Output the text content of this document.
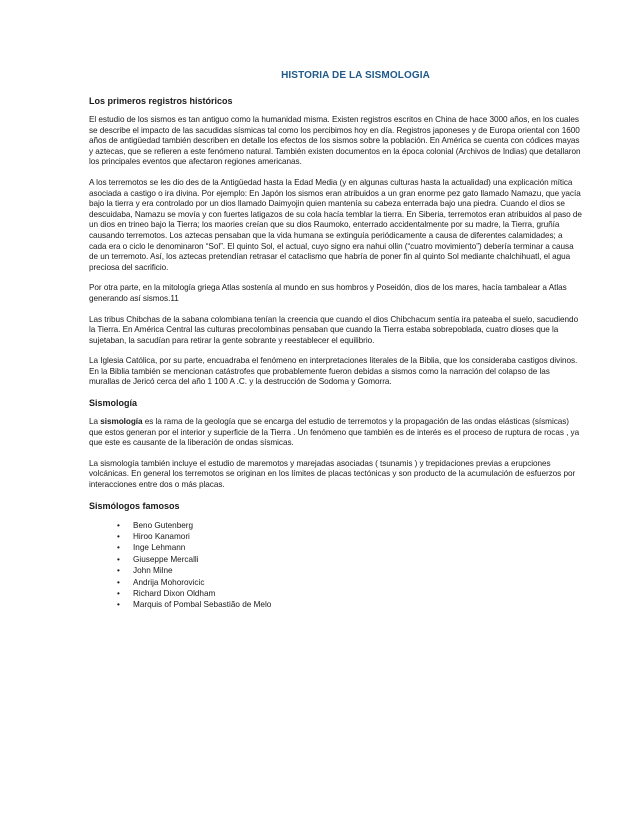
HISTORIA DE LA SISMOLOGIA
Los primeros registros históricos

El estudio de los sismos es tan antiguo como la humanidad misma. Existen registros escritos en China de hace 3000 años, en los cuales se describe el impacto de las sacudidas sísmicas tal como los percibimos hoy en día. Registros japoneses y de Europa oriental con 1600 años de antigüedad también describen en detalle los efectos de los sismos sobre la población. En América se cuenta con códices mayas y aztecas, que se refieren a este fenómeno natural. También existen documentos en la época colonial (Archivos de Indias) que detallaron los principales eventos que afectaron regiones americanas.

A los terremotos se les dio des de la Antigüedad hasta la Edad Media (y en algunas culturas hasta la actualidad) una explicación mítica asociada a castigo o ira divina. Por ejemplo: En Japón los sismos eran atribuidos a un gran enorme pez gato llamado Namazu, que yacía bajo la tierra y era controlado por un dios llamado Daimyojin quien mantenía su cabeza enterrada bajo una piedra. Cuando el dios se descuidaba, Namazu se movía y con fuertes latigazos de su cola hacía temblar la tierra. En Siberia, terremotos eran atribuidos al paso de un dios en trineo bajo la Tierra; los maories creían que su dios Raumoko, enterrado accidentalmente por su madre, la Tierra, gruñía causando terremotos. Los aztecas pensaban que la vida humana se extinguía periódicamente a causa de diferentes calamidades; a cada era o ciclo le denominaron “Sol”. El quinto Sol, el actual, cuyo signo era nahui ollin (“cuatro movimiento”) debería terminar a causa de un terremoto. Así, los aztecas pretendían retrasar el cataclismo que habría de poner fin al quinto Sol mediante chalchihuatl, el agua preciosa del sacrificio.

Por otra parte, en la mitología griega Atlas sostenía al mundo en sus hombros y Poseidón, dios de los mares, hacía tambalear a Atlas generando así sismos.11

Las tribus Chibchas de la sabana colombiana tenían la creencia que cuando el dios Chibchacum sentía ira pateaba el suelo, sacudiendo la Tierra. En América Central las culturas precolombinas pensaban que cuando la Tierra estaba sobrepoblada, cuatro dioses que la sujetaban, la sacudían para retirar la gente sobrante y reestablecer el equilibrio.

La Iglesia Católica, por su parte, encuadraba el fenómeno en interpretaciones literales de la Biblia, que los consideraba castigos divinos. En la Biblia también se mencionan catástrofes que probablemente fueron debidas a sismos como la narración del colapso de las murallas de Jericó cerca del año 1 100 A .C. y la destrucción de Sodoma y Gomorra.

Sismología

La sismología es la rama de la geología que se encarga del estudio de terremotos y la propagación de las ondas elásticas (sísmicas) que estos generan por el interior y superficie de la Tierra . Un fenómeno que también es de interés es el proceso de ruptura de rocas , ya que este es causante de la liberación de ondas sísmicas.

La sismología también incluye el estudio de maremotos y marejadas asociadas ( tsunamis ) y trepidaciones previas a erupciones volcánicas. En general los terremotos se originan en los límites de placas tectónicas y son producto de la acumulación de esfuerzos por interacciones entre dos o más placas.

Sismólogos famosos
• Beno Gutenberg
• Hiroo Kanamori
• Inge Lehmann
• Giuseppe Mercalli
• John Milne
• Andrija Mohorovicic
• Richard Dixon Oldham
• Marquis of Pombal Sebastião de Melo
